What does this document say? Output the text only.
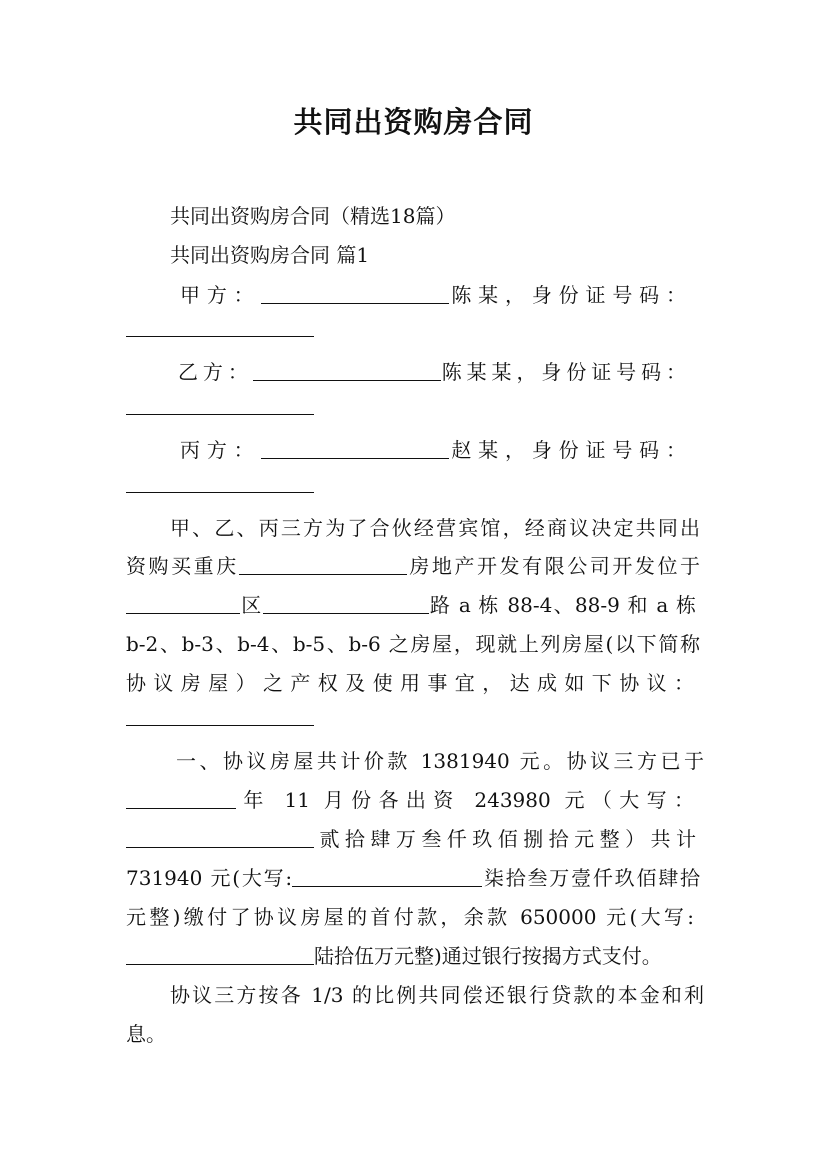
共同出资购房合同
共同出资购房合同（精选18篇）
共同出资购房合同 篇1
甲方：	陈某，身份证号码：
乙方：	陈某某，身份证号码：
丙方：	赵某，身份证号码：
甲、乙、丙三方为了合伙经营宾馆，经商议决定共同出
资购买重庆	房地产开发有限公司开发位于
区	路 a 栋 88-4、88-9 和 a 栋
b-2、b-3、b-4、b-5、b-6 之房屋，现就上列房屋(以下简称
协议房屋）之产权及使用事宜，达成如下协议：
一、协议房屋共计价款 1381940 元。协议三方已于
年 11 月份各出资 243980 元（大写：
贰拾肆万叁仟玖佰捌拾元整）共计
731940 元(大写:	柒拾叁万壹仟玖佰肆拾
元整)缴付了协议房屋的首付款，余款 650000 元(大写:
陆拾伍万元整)通过银行按揭方式支付。
协议三方按各 1/3 的比例共同偿还银行贷款的本金和利
息。
